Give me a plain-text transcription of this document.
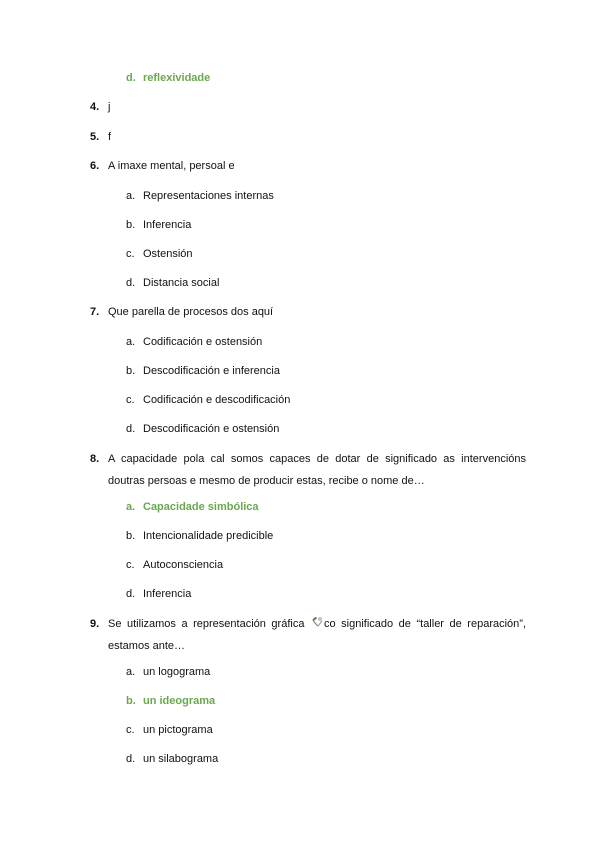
d. reflexividade
4. j
5. f
6. A imaxe mental, persoal e
a. Representaciones internas
b. Inferencia
c. Ostensión
d. Distancia social
7. Que parella de procesos dos aquí
a. Codificación e ostensión
b. Descodificación e inferencia
c. Codificación e descodificación
d. Descodificación e ostensión
8. A capacidade pola cal somos capaces de dotar de significado as intervencións doutras persoas e mesmo de producir estas, recibe o nome de…
a. Capacidade simbólica
b. Intencionalidade predicible
c. Autoconsciencia
d. Inferencia
9. Se utilizamos a representación gráfica co significado de “taller de reparación”, estamos ante…
a. un logograma
b. un ideograma
c. un pictograma
d. un silabograma
